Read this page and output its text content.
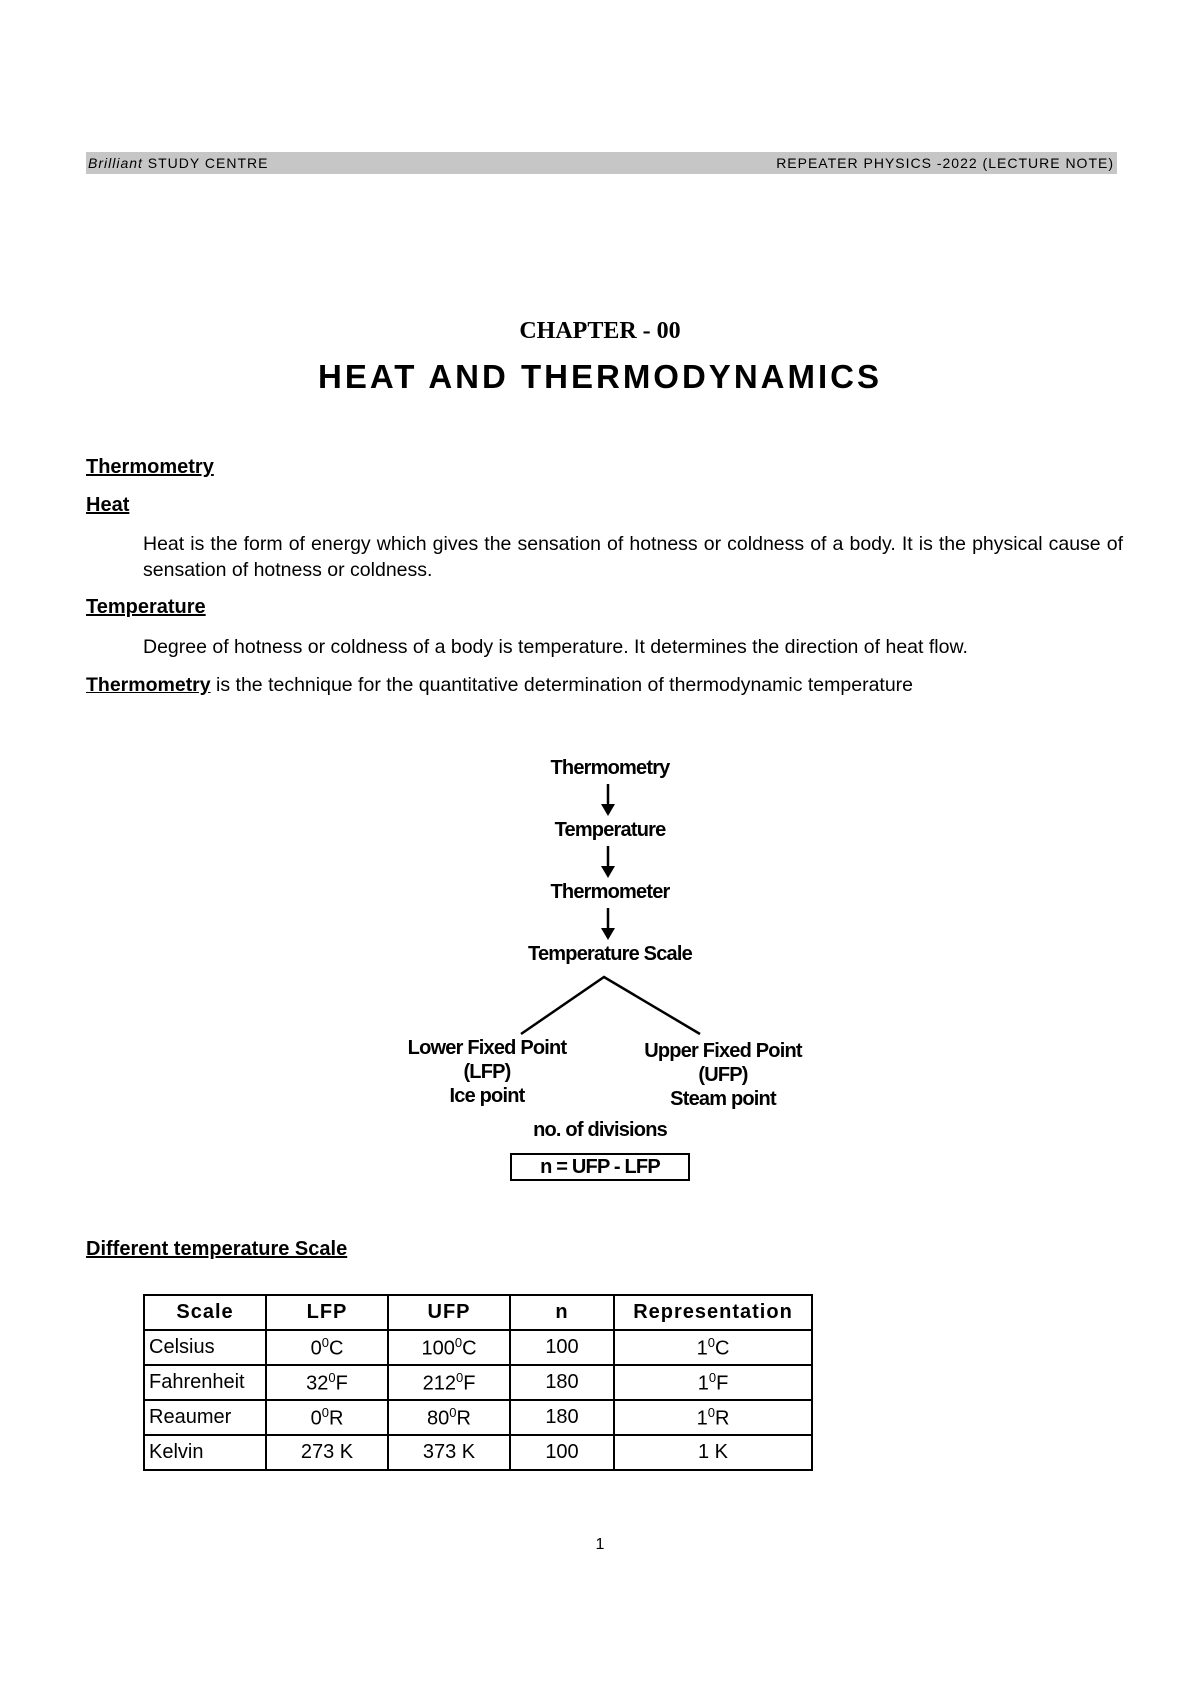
Brilliant STUDY CENTRE	REPEATER PHYSICS -2022 (LECTURE NOTE)
CHAPTER - 00
HEAT AND THERMODYNAMICS
Thermometry
Heat
Heat is the form of energy which gives the sensation of hotness or coldness of a body. It is the physical cause of sensation of hotness or coldness.
Temperature
Degree of hotness or coldness of a body is temperature. It determines the direction of heat flow.
Thermometry is the technique for the quantitative determination of thermodynamic temperature
Thermometry
Temperature
Thermometer
Temperature Scale
Lower Fixed Point
(LFP)
Ice point
Upper Fixed Point
(UFP)
Steam point
no. of divisions
n = UFP - LFP
Different temperature Scale
Scale	LFP	UFP	n	Representation
Celsius	$0^0C$	$100^0C$	100	$1^0C$
Fahrenheit	$32^0F$	$212^0F$	180	$1^0F$
Reaumer	$0^0R$	$80^0R$	180	$1^0R$
Kelvin	273 K	373 K	100	1 K
1
